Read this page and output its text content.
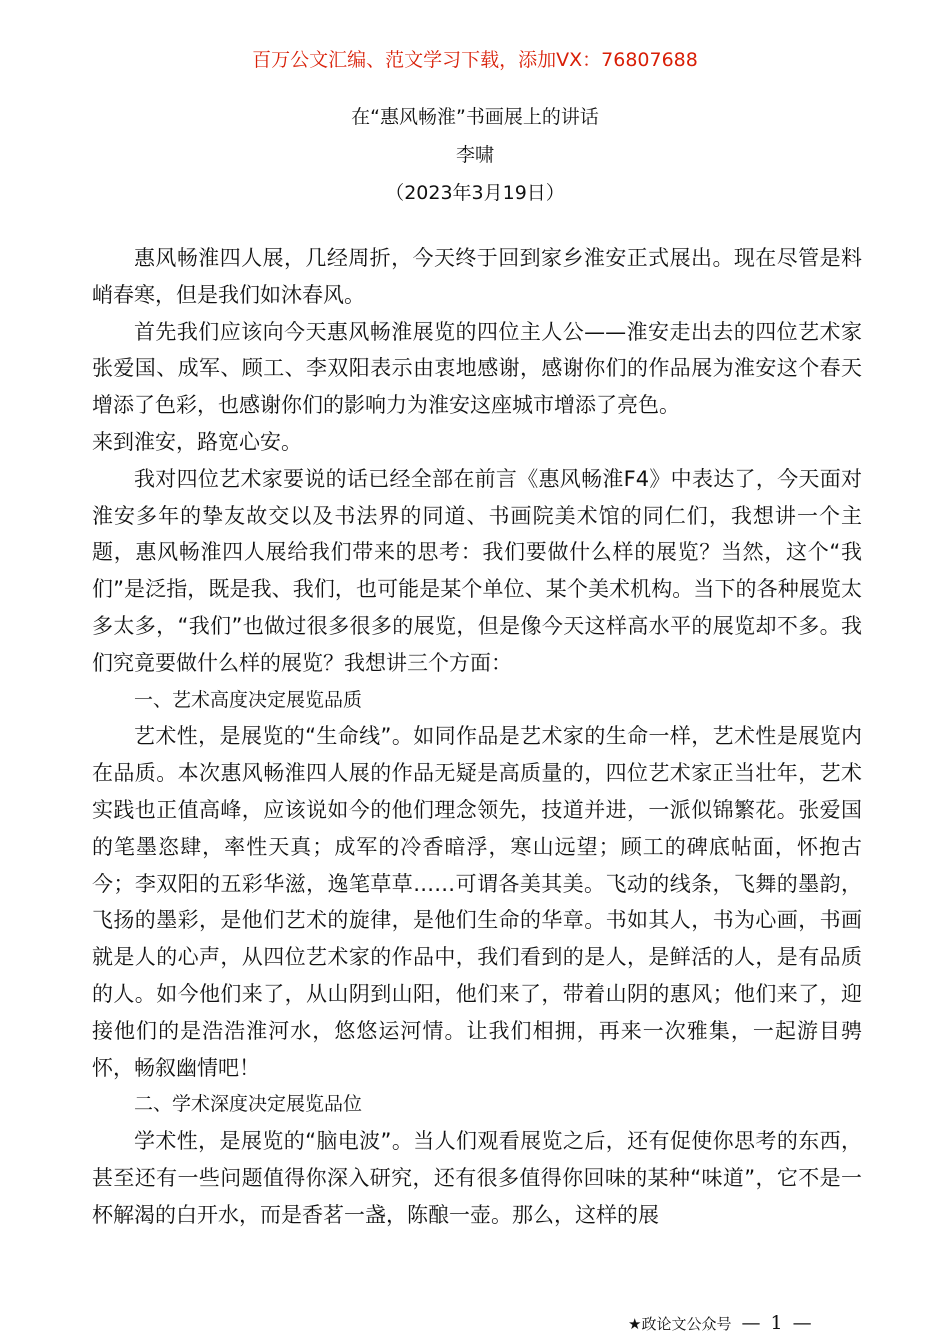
百万公文汇编、范文学习下载，添加VX：76807688
在“惠风畅淮”书画展上的讲话
李啸
（2023年3月19日）

惠风畅淮四人展，几经周折，今天终于回到家乡淮安正式展出。现在尽管是料峭春寒，但是我们如沐春风。

首先我们应该向今天惠风畅淮展览的四位主人公——淮安走出去的四位艺术家张爱国、成军、顾工、李双阳表示由衷地感谢，感谢你们的作品展为淮安这个春天增添了色彩，也感谢你们的影响力为淮安这座城市增添了亮色。

来到淮安，路宽心安。

我对四位艺术家要说的话已经全部在前言《惠风畅淮F4》中表达了，今天面对淮安多年的挚友故交以及书法界的同道、书画院美术馆的同仁们，我想讲一个主题，惠风畅淮四人展给我们带来的思考：我们要做什么样的展览？当然，这个“我们”是泛指，既是我、我们，也可能是某个单位、某个美术机构。当下的各种展览太多太多，“我们”也做过很多很多的展览，但是像今天这样高水平的展览却不多。我们究竟要做什么样的展览？我想讲三个方面：

一、艺术高度决定展览品质

艺术性，是展览的“生命线”。如同作品是艺术家的生命一样，艺术性是展览内在品质。本次惠风畅淮四人展的作品无疑是高质量的，四位艺术家正当壮年，艺术实践也正值高峰，应该说如今的他们理念领先，技道并进，一派似锦繁花。张爱国的笔墨恣肆，率性天真；成军的冷香暗浮，寒山远望；顾工的碑底帖面，怀抱古今；李双阳的五彩华滋，逸笔草草……可谓各美其美。飞动的线条，飞舞的墨韵，飞扬的墨彩，是他们艺术的旋律，是他们生命的华章。书如其人，书为心画，书画就是人的心声，从四位艺术家的作品中，我们看到的是人，是鲜活的人，是有品质的人。如今他们来了，从山阴到山阳，他们来了，带着山阴的惠风；他们来了，迎接他们的是浩浩淮河水，悠悠运河情。让我们相拥，再来一次雅集，一起游目骋怀，畅叙幽情吧！

二、学术深度决定展览品位

学术性，是展览的“脑电波”。当人们观看展览之后，还有促使你思考的东西，甚至还有一些问题值得你深入研究，还有很多值得你回味的某种“味道”，它不是一杯解渴的白开水，而是香茗一盏，陈酿一壶。那么，这样的展

★政论文公众号 — 1 —
